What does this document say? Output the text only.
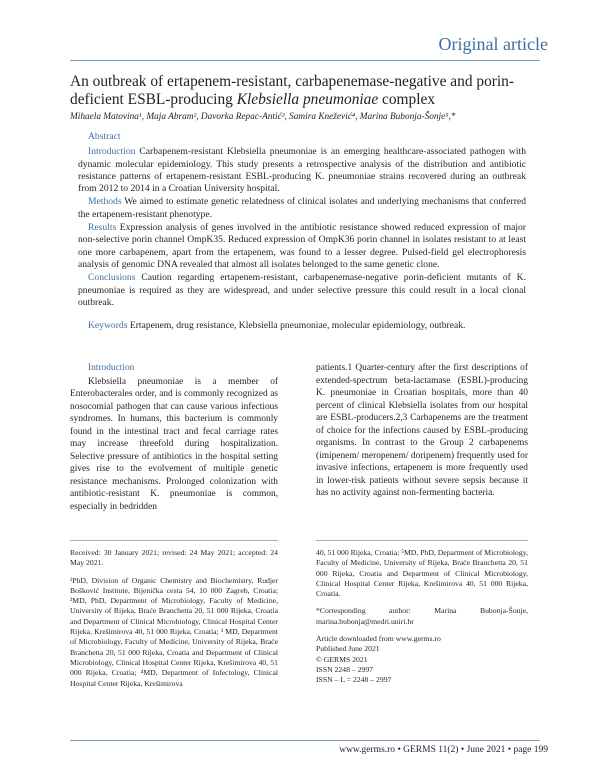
Original article
An outbreak of ertapenem-resistant, carbapenemase-negative and porin-deficient ESBL-producing Klebsiella pneumoniae complex
Mihaela Matovina¹, Maja Abram², Davorka Repac-Antić³, Samira Knežević⁴, Marina Bubonja-Šonje⁵,*
Abstract

Introduction Carbapenem-resistant Klebsiella pneumoniae is an emerging healthcare-associated pathogen with dynamic molecular epidemiology. This study presents a retrospective analysis of the distribution and antibiotic resistance patterns of ertapenem-resistant ESBL-producing K. pneumoniae strains recovered during an outbreak from 2012 to 2014 in a Croatian University hospital.

Methods We aimed to estimate genetic relatedness of clinical isolates and underlying mechanisms that conferred the ertapenem-resistant phenotype.

Results Expression analysis of genes involved in the antibiotic resistance showed reduced expression of major non-selective porin channel OmpK35. Reduced expression of OmpK36 porin channel in isolates resistant to at least one more carbapenem, apart from the ertapenem, was found to a lesser degree. Pulsed-field gel electrophoresis analysis of genomic DNA revealed that almost all isolates belonged to the same genetic clone.

Conclusions Caution regarding ertapenem-resistant, carbapenemase-negative porin-deficient mutants of K. pneumoniae is required as they are widespread, and under selective pressure this could result in a local clonal outbreak.

Keywords Ertapenem, drug resistance, Klebsiella pneumoniae, molecular epidemiology, outbreak.

Introduction

Klebsiella pneumoniae is a member of Enterobacterales order, and is commonly recognized as nosocomial pathogen that can cause various infectious syndromes. In humans, this bacterium is commonly found in the intestinal tract and fecal carriage rates may increase threefold during hospitalization. Selective pressure of antibiotics in the hospital setting gives rise to the evolvement of multiple genetic resistance mechanisms. Prolonged colonization with antibiotic-resistant K. pneumoniae is common, especially in bedridden

patients.1 Quarter-century after the first descriptions of extended-spectrum beta-lactamase (ESBL)-producing K. pneumoniae in Croatian hospitals, more than 40 percent of clinical Klebsiella isolates from our hospital are ESBL-producers.2,3 Carbapenems are the treatment of choice for the infections caused by ESBL-producing organisms. In contrast to the Group 2 carbapenems (imipenem/ meropenem/ doripenem) frequently used for invasive infections, ertapenem is more frequently used in lower-risk patients without severe sepsis because it has no activity against non-fermenting bacteria.

Received: 30 January 2021; revised: 24 May 2021; accepted: 24 May 2021.

¹PhD, Division of Organic Chemistry and Biochemistry, Rudjer Bošković Institute, Bijenička cesta 54, 10 000 Zagreb, Croatia; ²MD, PhD, Department of Microbiology, Faculty of Medicine, University of Rijeka, Braće Branchetta 20, 51 000 Rijeka, Croatia and Department of Clinical Microbiology, Clinical Hospital Center Rijeka, Krešimirova 40, 51 000 Rijeka, Croatia; ³ MD, Department of Microbiology, Faculty of Medicine, University of Rijeka, Braće Branchetta 20, 51 000 Rijeka, Croatia and Department of Clinical Microbiology, Clinical Hospital Center Rijeka, Krešimirova 40, 51 000 Rijeka, Croatia; ⁴MD, Department of Infectology, Clinical Hospital Center Rijeka, Krešimirova

40, 51 000 Rijeka, Croatia; ⁵MD, PhD, Department of Microbiology, Faculty of Medicine, University of Rijeka, Braće Branchetta 20, 51 000 Rijeka, Croatia and Department of Clinical Microbiology, Clinical Hospital Center Rijeka, Krešimirova 40, 51 000 Rijeka, Croatia.

*Corresponding author: Marina Bubonja-Šonje, marina.bubonja@medri.uniri.hr

Article downloaded from www.germs.ro

Published June 2021

© GERMS 2021

ISSN 2248 – 2997

ISSN – L = 2248 – 2997

www.germs.ro • GERMS 11(2) • June 2021 • page 199
